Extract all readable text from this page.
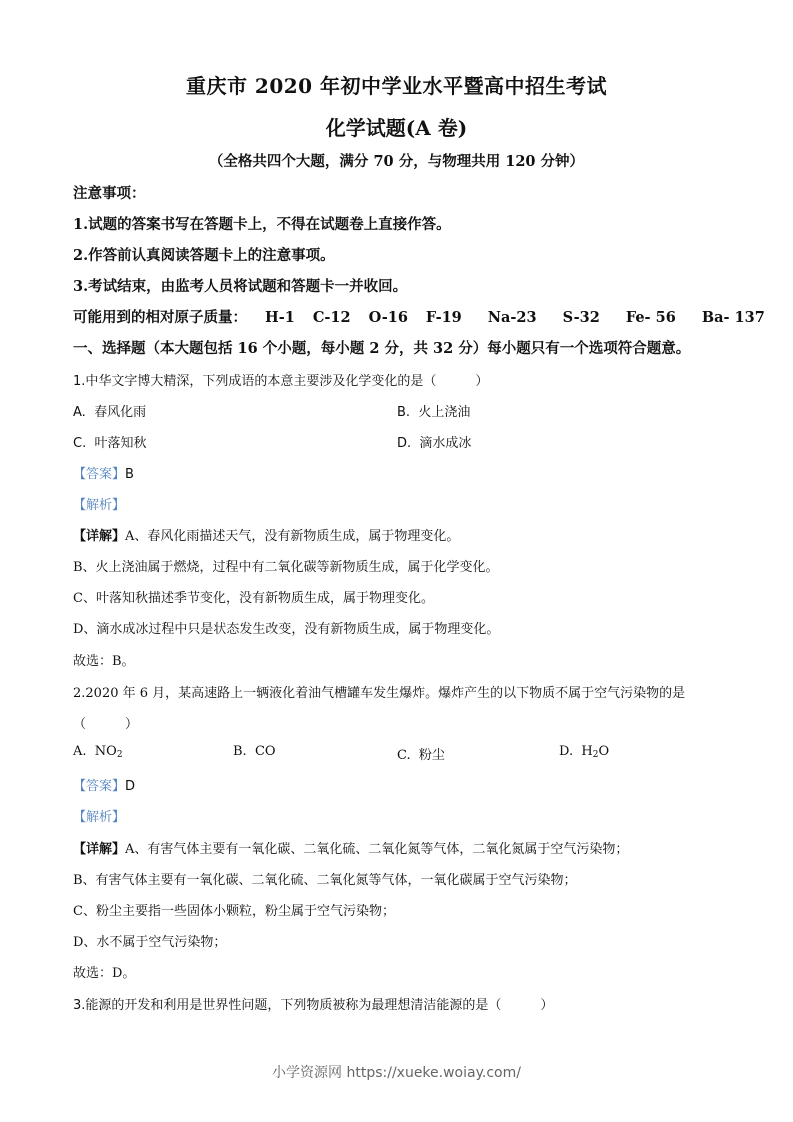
重庆市 2020 年初中学业水平暨高中招生考试
化学试题(A 卷)
（全格共四个大题，满分 70 分，与物理共用 120 分钟）
注意事项：
1.试题的答案书写在答题卡上，不得在试题卷上直接作答。
2.作答前认真阅读答题卡上的注意事项。
3.考试结束，由监考人员将试题和答题卡一并收回。
可能用到的相对原子质量： H-1 C-12 O-16 F-19 Na-23 S-32 Fe- 56 Ba- 137
一、选择题（本大题包括 16 个小题，每小题 2 分，共 32 分）每小题只有一个选项符合题意。
1.中华文字博大精深，下列成语的本意主要涉及化学变化的是（　　　）
A. 春风化雨	B. 火上浇油
C. 叶落知秋	D. 滴水成冰
【答案】B
【解析】
【详解】A、春风化雨描述天气，没有新物质生成，属于物理变化。
B、火上浇油属于燃烧，过程中有二氧化碳等新物质生成，属于化学变化。
C、叶落知秋描述季节变化，没有新物质生成，属于物理变化。
D、滴水成冰过程中只是状态发生改变，没有新物质生成，属于物理变化。
故选：B。
2.2020 年 6 月，某高速路上一辆液化着油气槽罐车发生爆炸。爆炸产生的以下物质不属于空气污染物的是
（　　　）
A. $NO_2$	B. CO	C. 粉尘	D. $H_2O$
【答案】D
【解析】
【详解】A、有害气体主要有一氧化碳、二氧化硫、二氧化氮等气体，二氧化氮属于空气污染物；
B、有害气体主要有一氧化碳、二氧化硫、二氧化氮等气体，一氧化碳属于空气污染物；
C、粉尘主要指一些固体小颗粒，粉尘属于空气污染物；
D、水不属于空气污染物；
故选：D。
3.能源的开发和利用是世界性问题，下列物质被称为最理想清洁能源的是（　　　）
小学资源网 https://xueke.woiay.com/
